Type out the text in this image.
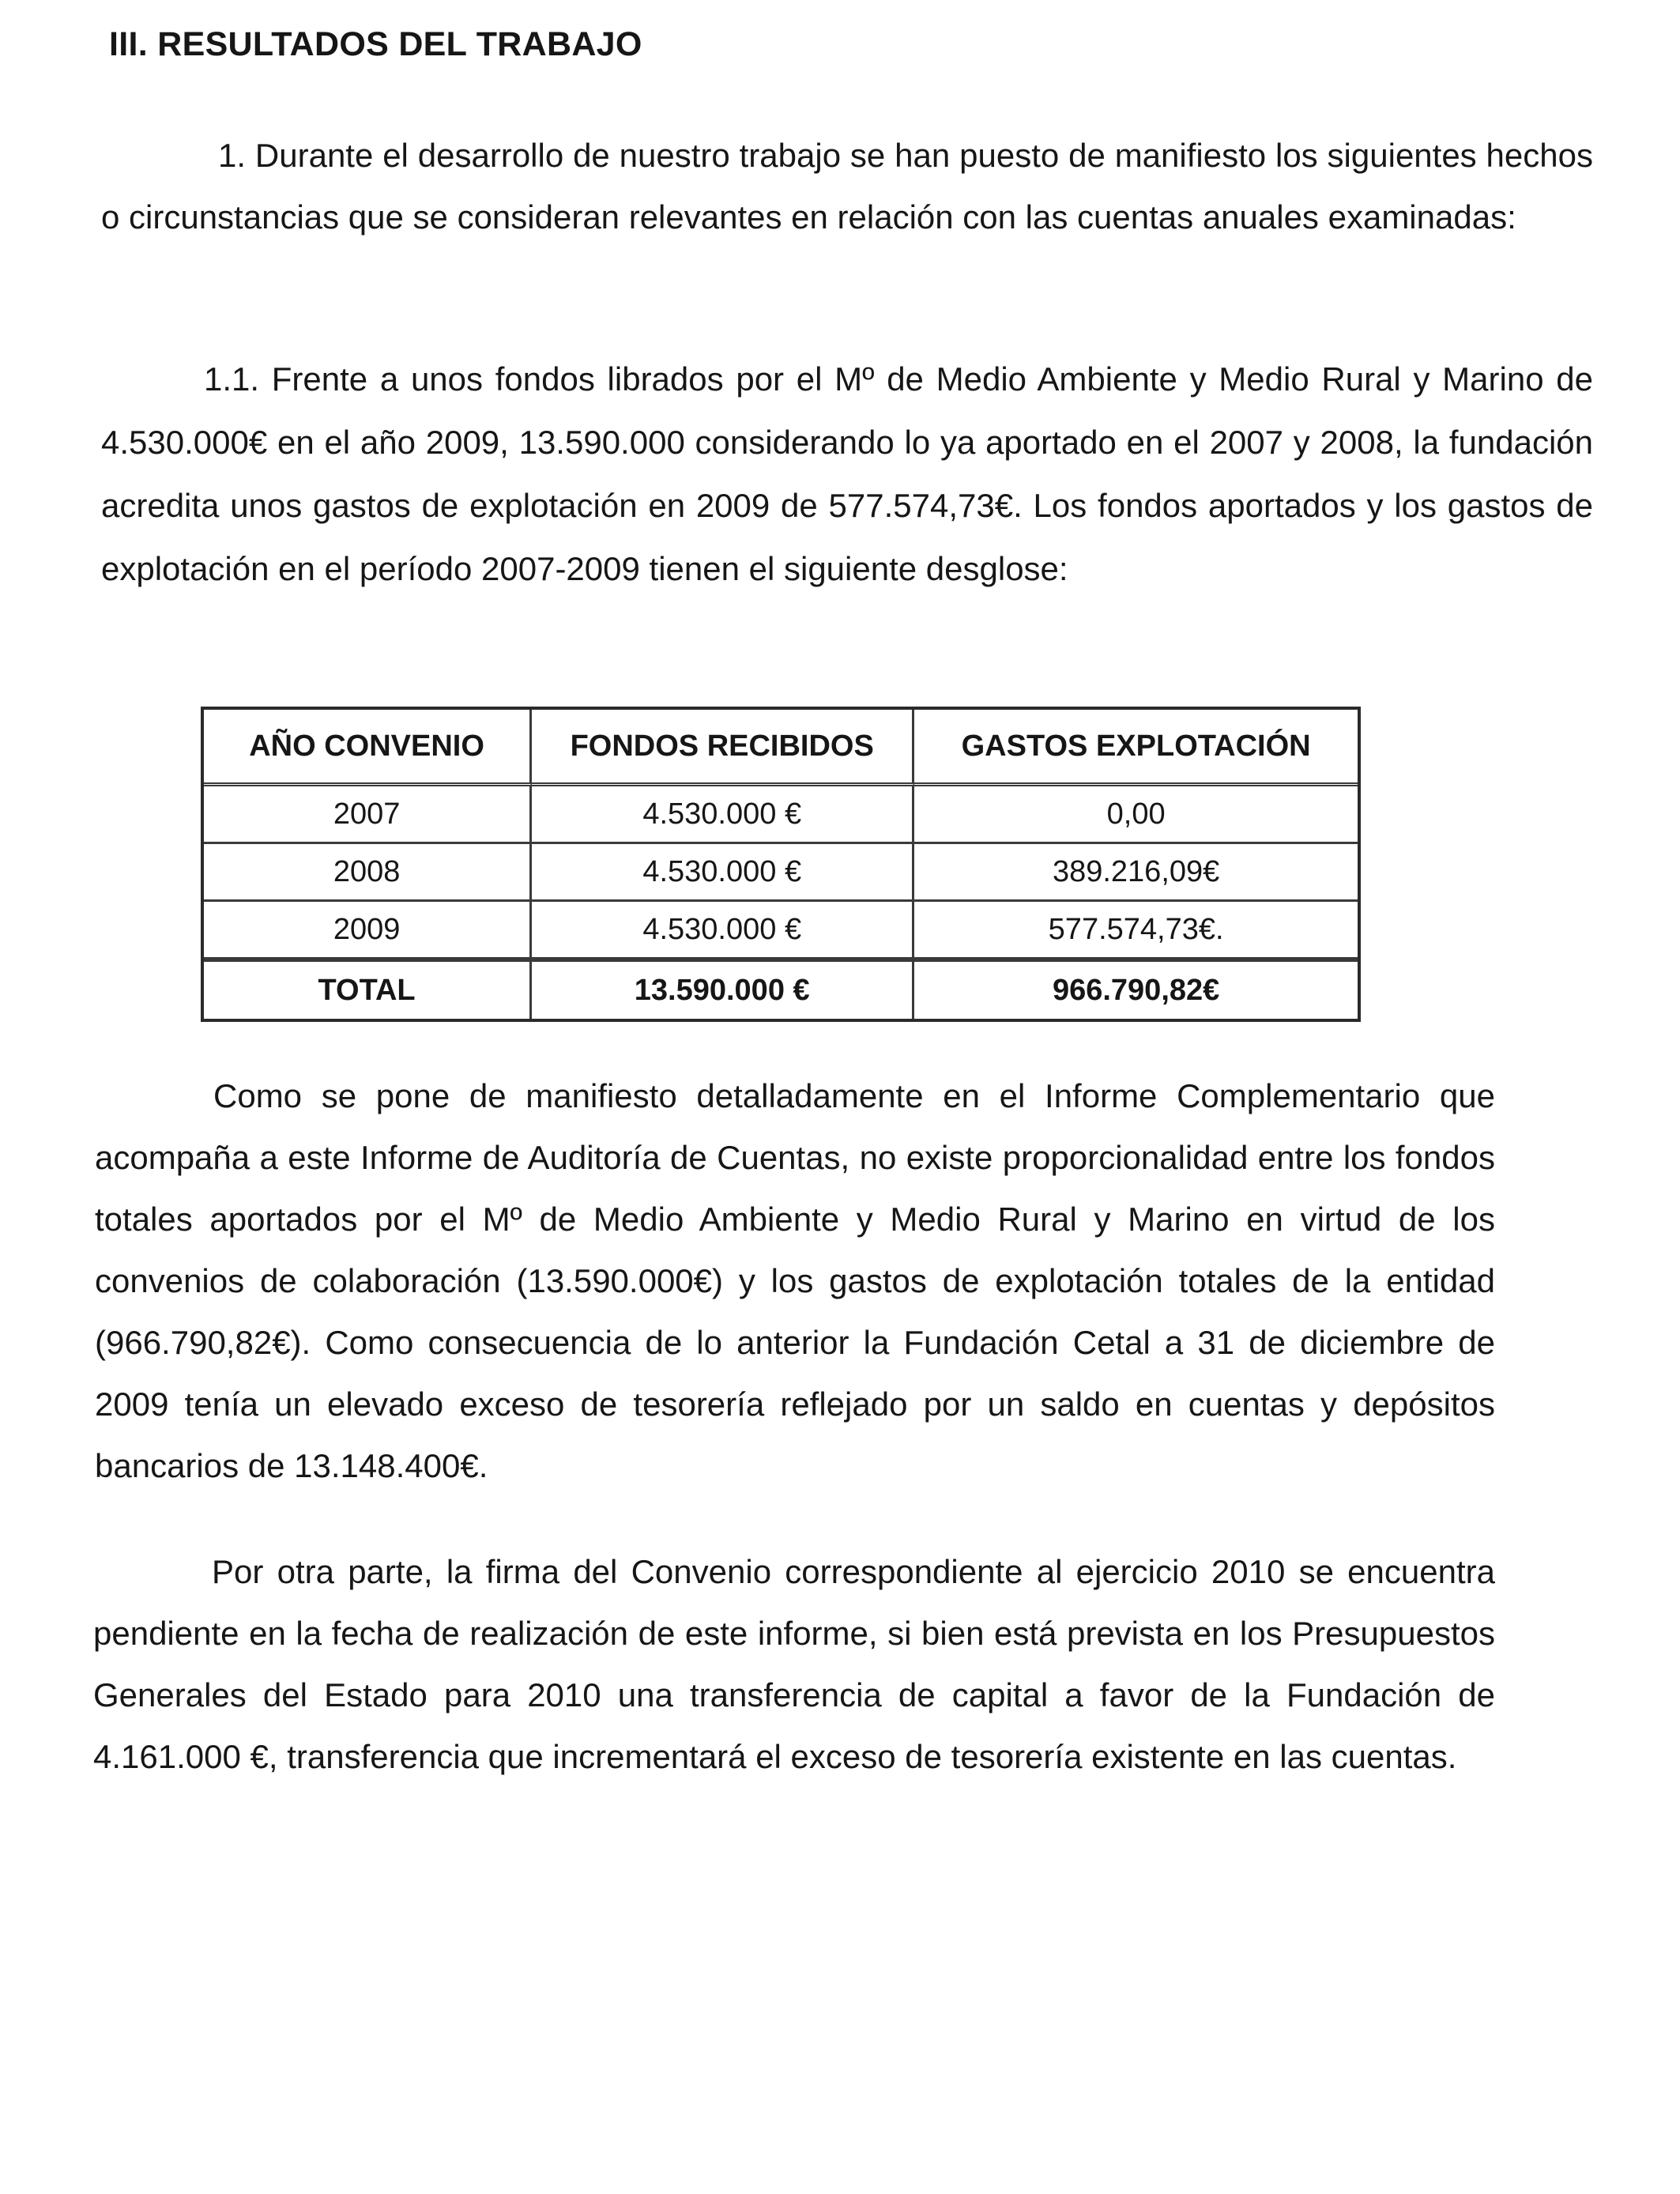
III. RESULTADOS DEL TRABAJO

1. Durante el desarrollo de nuestro trabajo se han puesto de manifiesto los siguientes hechos o circunstancias que se consideran relevantes en relación con las cuentas anuales examinadas:

1.1. Frente a unos fondos librados por el Mº de Medio Ambiente y Medio Rural y Marino de 4.530.000€ en el año 2009, 13.590.000 considerando lo ya aportado en el 2007 y 2008, la fundación acredita unos gastos de explotación en 2009 de 577.574,73€. Los fondos aportados y los gastos de explotación en el período 2007-2009 tienen el siguiente desglose:

AÑO CONVENIO	FONDOS RECIBIDOS	GASTOS EXPLOTACIÓN
2007	4.530.000 €	0,00
2008	4.530.000 €	389.216,09€
2009	4.530.000 €	577.574,73€.
TOTAL	13.590.000 €	966.790,82€

Como se pone de manifiesto detalladamente en el Informe Complementario que acompaña a este Informe de Auditoría de Cuentas, no existe proporcionalidad entre los fondos totales aportados por el Mº de Medio Ambiente y Medio Rural y Marino en virtud de los convenios de colaboración (13.590.000€) y los gastos de explotación totales de la entidad (966.790,82€). Como consecuencia de lo anterior la Fundación Cetal a 31 de diciembre de 2009 tenía un elevado exceso de tesorería reflejado por un saldo en cuentas y depósitos bancarios de 13.148.400€.

Por otra parte, la firma del Convenio correspondiente al ejercicio 2010 se encuentra pendiente en la fecha de realización de este informe, si bien está prevista en los Presupuestos Generales del Estado para 2010 una transferencia de capital a favor de la Fundación de 4.161.000 €, transferencia que incrementará el exceso de tesorería existente en las cuentas.
